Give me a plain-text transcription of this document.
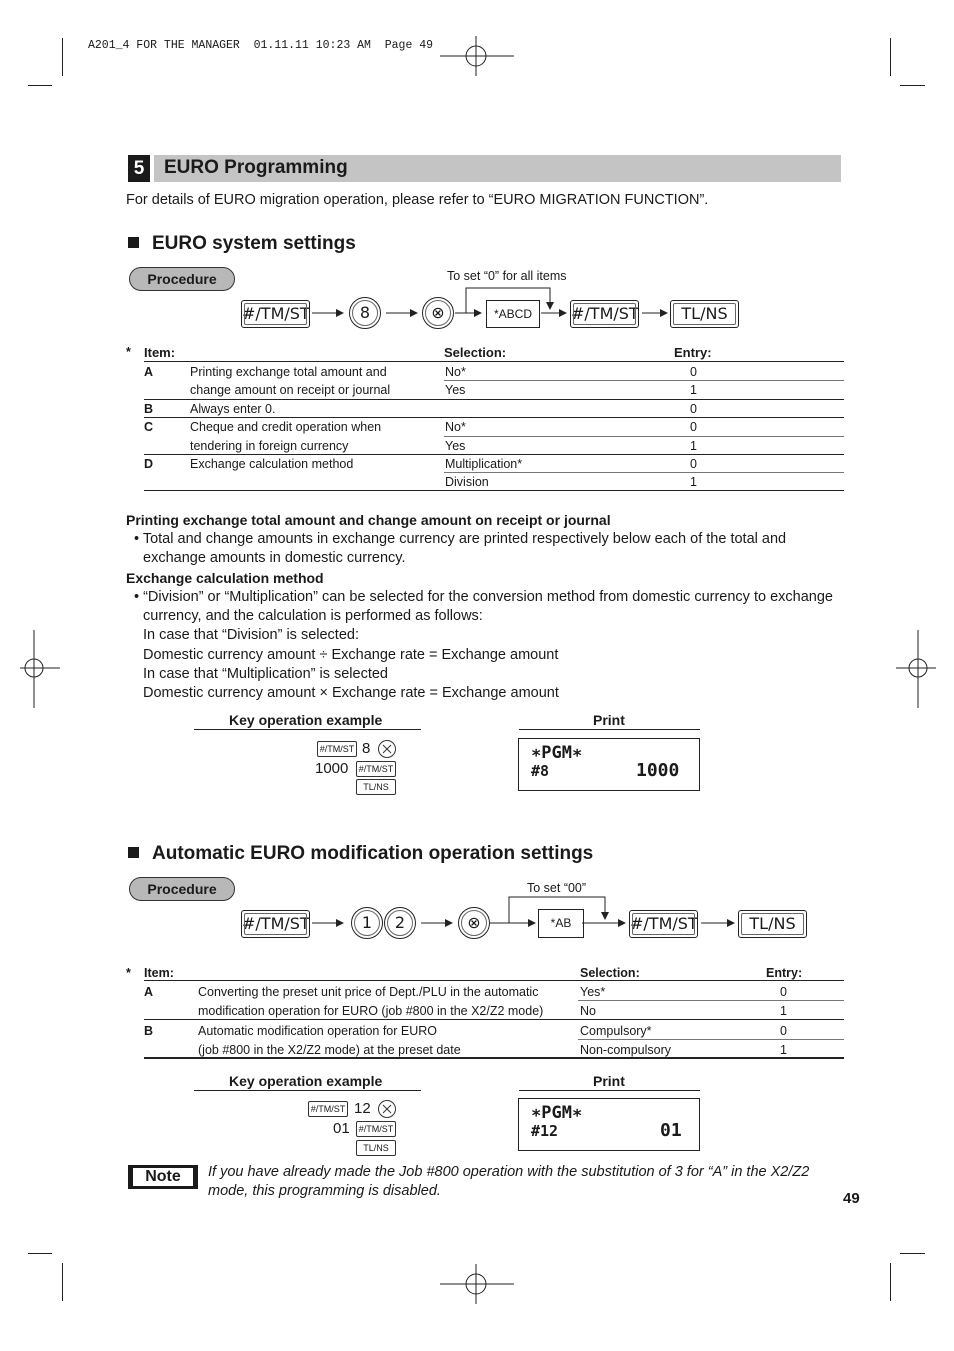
A201_4 FOR THE MANAGER  01.11.11 10:23 AM  Page 49
5	EURO Programming
For details of EURO migration operation, please refer to “EURO MIGRATION FUNCTION”.
EURO system settings
Procedure	To set “0” for all items
#/TM/ST	8	⊗	*ABCD	#/TM/ST	TL/NS
* Item:	Selection:	Entry:
A	Printing exchange total amount and
change amount on receipt or journal
No*	0
Yes	1
B	Always enter 0.	0
C	Cheque and credit operation when
tendering in foreign currency
No*	0
Yes	1
D	Exchange calculation method	Multiplication*	0
Division	1
Printing exchange total amount and change amount on receipt or journal
• Total and change amounts in exchange currency are printed respectively below each of the total and
exchange amounts in domestic currency.
Exchange calculation method
• “Division” or “Multiplication” can be selected for the conversion method from domestic currency to exchange
currency, and the calculation is performed as follows:
In case that “Division” is selected:
Domestic currency amount ÷ Exchange rate = Exchange amount
In case that “Multiplication” is selected
Domestic currency amount × Exchange rate = Exchange amount
Key operation example	Print
#/TM/ST 8
1000	#/TM/ST
TL/NS
∗PGM∗
#8	1000
Automatic EURO modification operation settings
Procedure	To set “00”
#/TM/ST	1	2	⊗	*AB	#/TM/ST	TL/NS
* Item:	Selection:	Entry:
A	Converting the preset unit price of Dept./PLU in the automatic
modification operation for EURO (job #800 in the X2/Z2 mode)
Yes*	0
No	1
B	Automatic modification operation for EURO
(job #800 in the X2/Z2 mode) at the preset date
Compulsory*	0
Non-compulsory	1
Key operation example	Print
#/TM/ST 12
01	#/TM/ST
TL/NS
∗PGM∗
#12	01
Note	If you have already made the Job #800 operation with the substitution of 3 for “A” in the X2/Z2
mode, this programming is disabled.	49
